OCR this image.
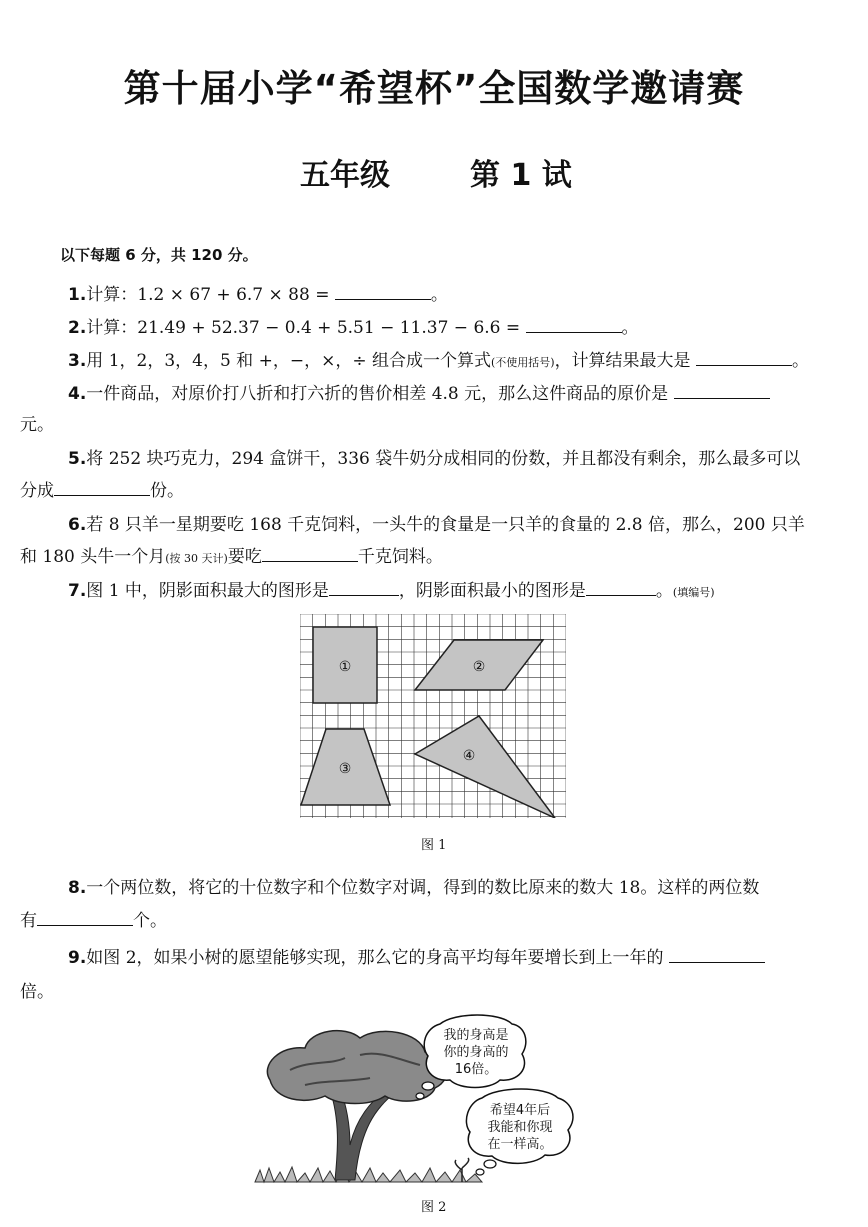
第十届小学“希望杯”全国数学邀请赛
五年级	第 1 试
以下每题 6 分，共 120 分。
1.计算：1.2 × 67 + 6.7 × 88 =	。
2.计算：21.49 + 52.37 − 0.4 + 5.51 − 11.37 − 6.6 =	。
3.用 1，2，3，4，5 和 +，−，×，÷ 组合成一个算式(不使用括号)，计算结果最大是	。
4.一件商品，对原价打八折和打六折的售价相差 4.8 元，那么这件商品的原价是
元。
5.将 252 块巧克力，294 盒饼干，336 袋牛奶分成相同的份数，并且都没有剩余，那么最多可以
分成	份。
6.若 8 只羊一星期要吃 168 千克饲料，一头牛的食量是一只羊的食量的 2.8 倍，那么，200 只羊
和 180 头牛一个月(按 30 天计)要吃	千克饲料。
7.图 1 中，阴影面积最大的图形是	，阴影面积最小的图形是	。(填编号)
①	②
③
④
图 1
8.一个两位数，将它的十位数字和个位数字对调，得到的数比原来的数大 18。这样的两位数
有	个。
9.如图 2，如果小树的愿望能够实现，那么它的身高平均每年要增长到上一年的
倍。
我的身高是
你的身高的
16倍。
希望4年后
我能和你现
在一样高。
图 2
